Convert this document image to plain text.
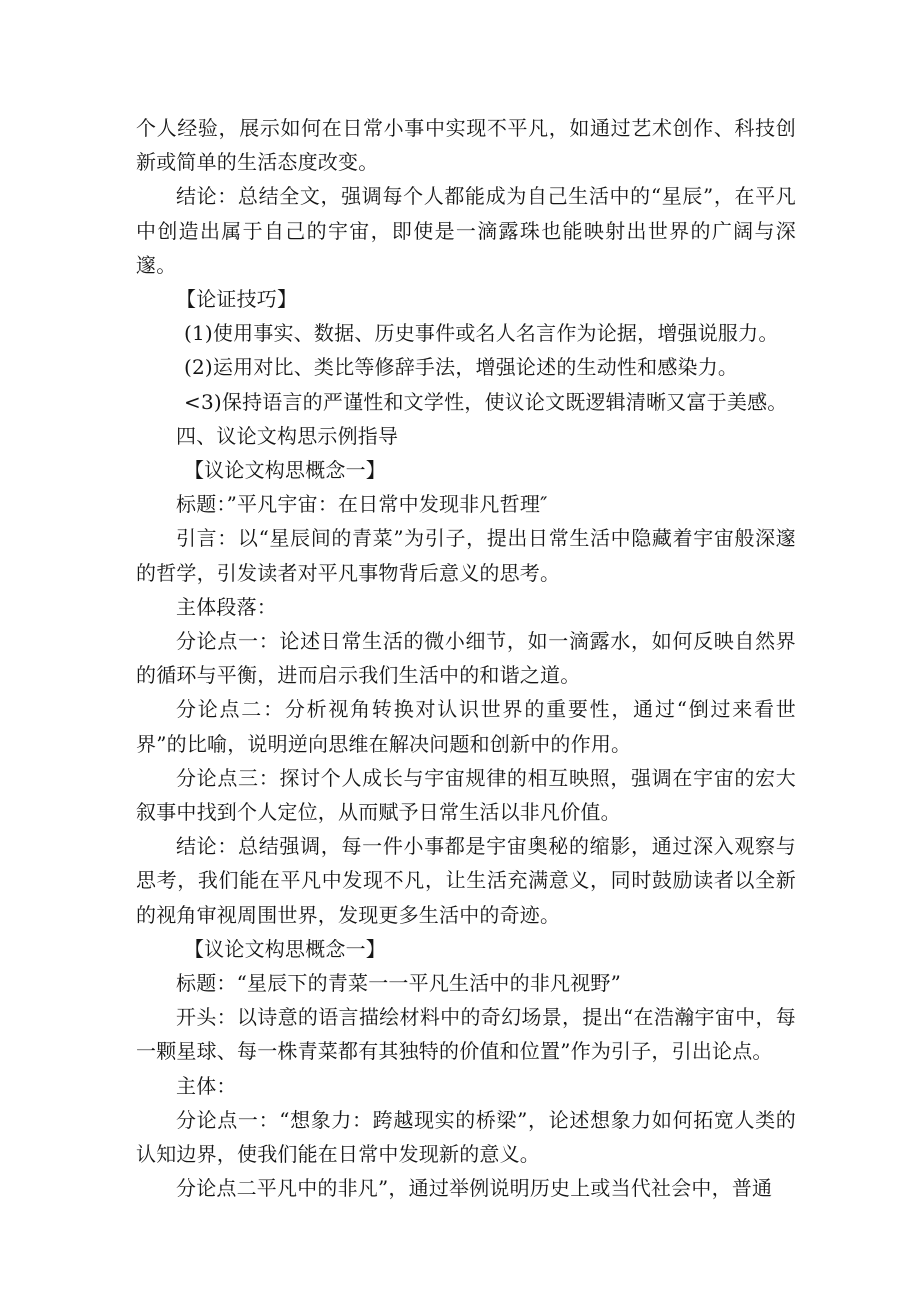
个人经验，展示如何在日常小事中实现不平凡，如通过艺术创作、科技创新或简单的生活态度改变。

结论：总结全文，强调每个人都能成为自己生活中的“星辰”，在平凡中创造出属于自己的宇宙，即使是一滴露珠也能映射出世界的广阔与深邃。

【论证技巧】

(1)使用事实、数据、历史事件或名人名言作为论据，增强说服力。

(2)运用对比、类比等修辞手法，增强论述的生动性和感染力。

<3)保持语言的严谨性和文学性，使议论文既逻辑清晰又富于美感。

四、议论文构思示例指导

【议论文构思概念一】

标题：”平凡宇宙：在日常中发现非凡哲理″

引言：以“星辰间的青菜”为引子，提出日常生活中隐藏着宇宙般深邃的哲学，引发读者对平凡事物背后意义的思考。

主体段落：

分论点一：论述日常生活的微小细节，如一滴露水，如何反映自然界的循环与平衡，进而启示我们生活中的和谐之道。

分论点二：分析视角转换对认识世界的重要性，通过“倒过来看世界”的比喻，说明逆向思维在解决问题和创新中的作用。

分论点三：探讨个人成长与宇宙规律的相互映照，强调在宇宙的宏大叙事中找到个人定位，从而赋予日常生活以非凡价值。

结论：总结强调，每一件小事都是宇宙奥秘的缩影，通过深入观察与思考，我们能在平凡中发现不凡，让生活充满意义，同时鼓励读者以全新的视角审视周围世界，发现更多生活中的奇迹。

【议论文构思概念一】

标题：“星辰下的青菜一一平凡生活中的非凡视野”

开头：以诗意的语言描绘材料中的奇幻场景，提出“在浩瀚宇宙中，每一颗星球、每一株青菜都有其独特的价值和位置”作为引子，引出论点。

主体：

分论点一：“想象力：跨越现实的桥梁”，论述想象力如何拓宽人类的认知边界，使我们能在日常中发现新的意义。

分论点二平凡中的非凡”，通过举例说明历史上或当代社会中，普通
